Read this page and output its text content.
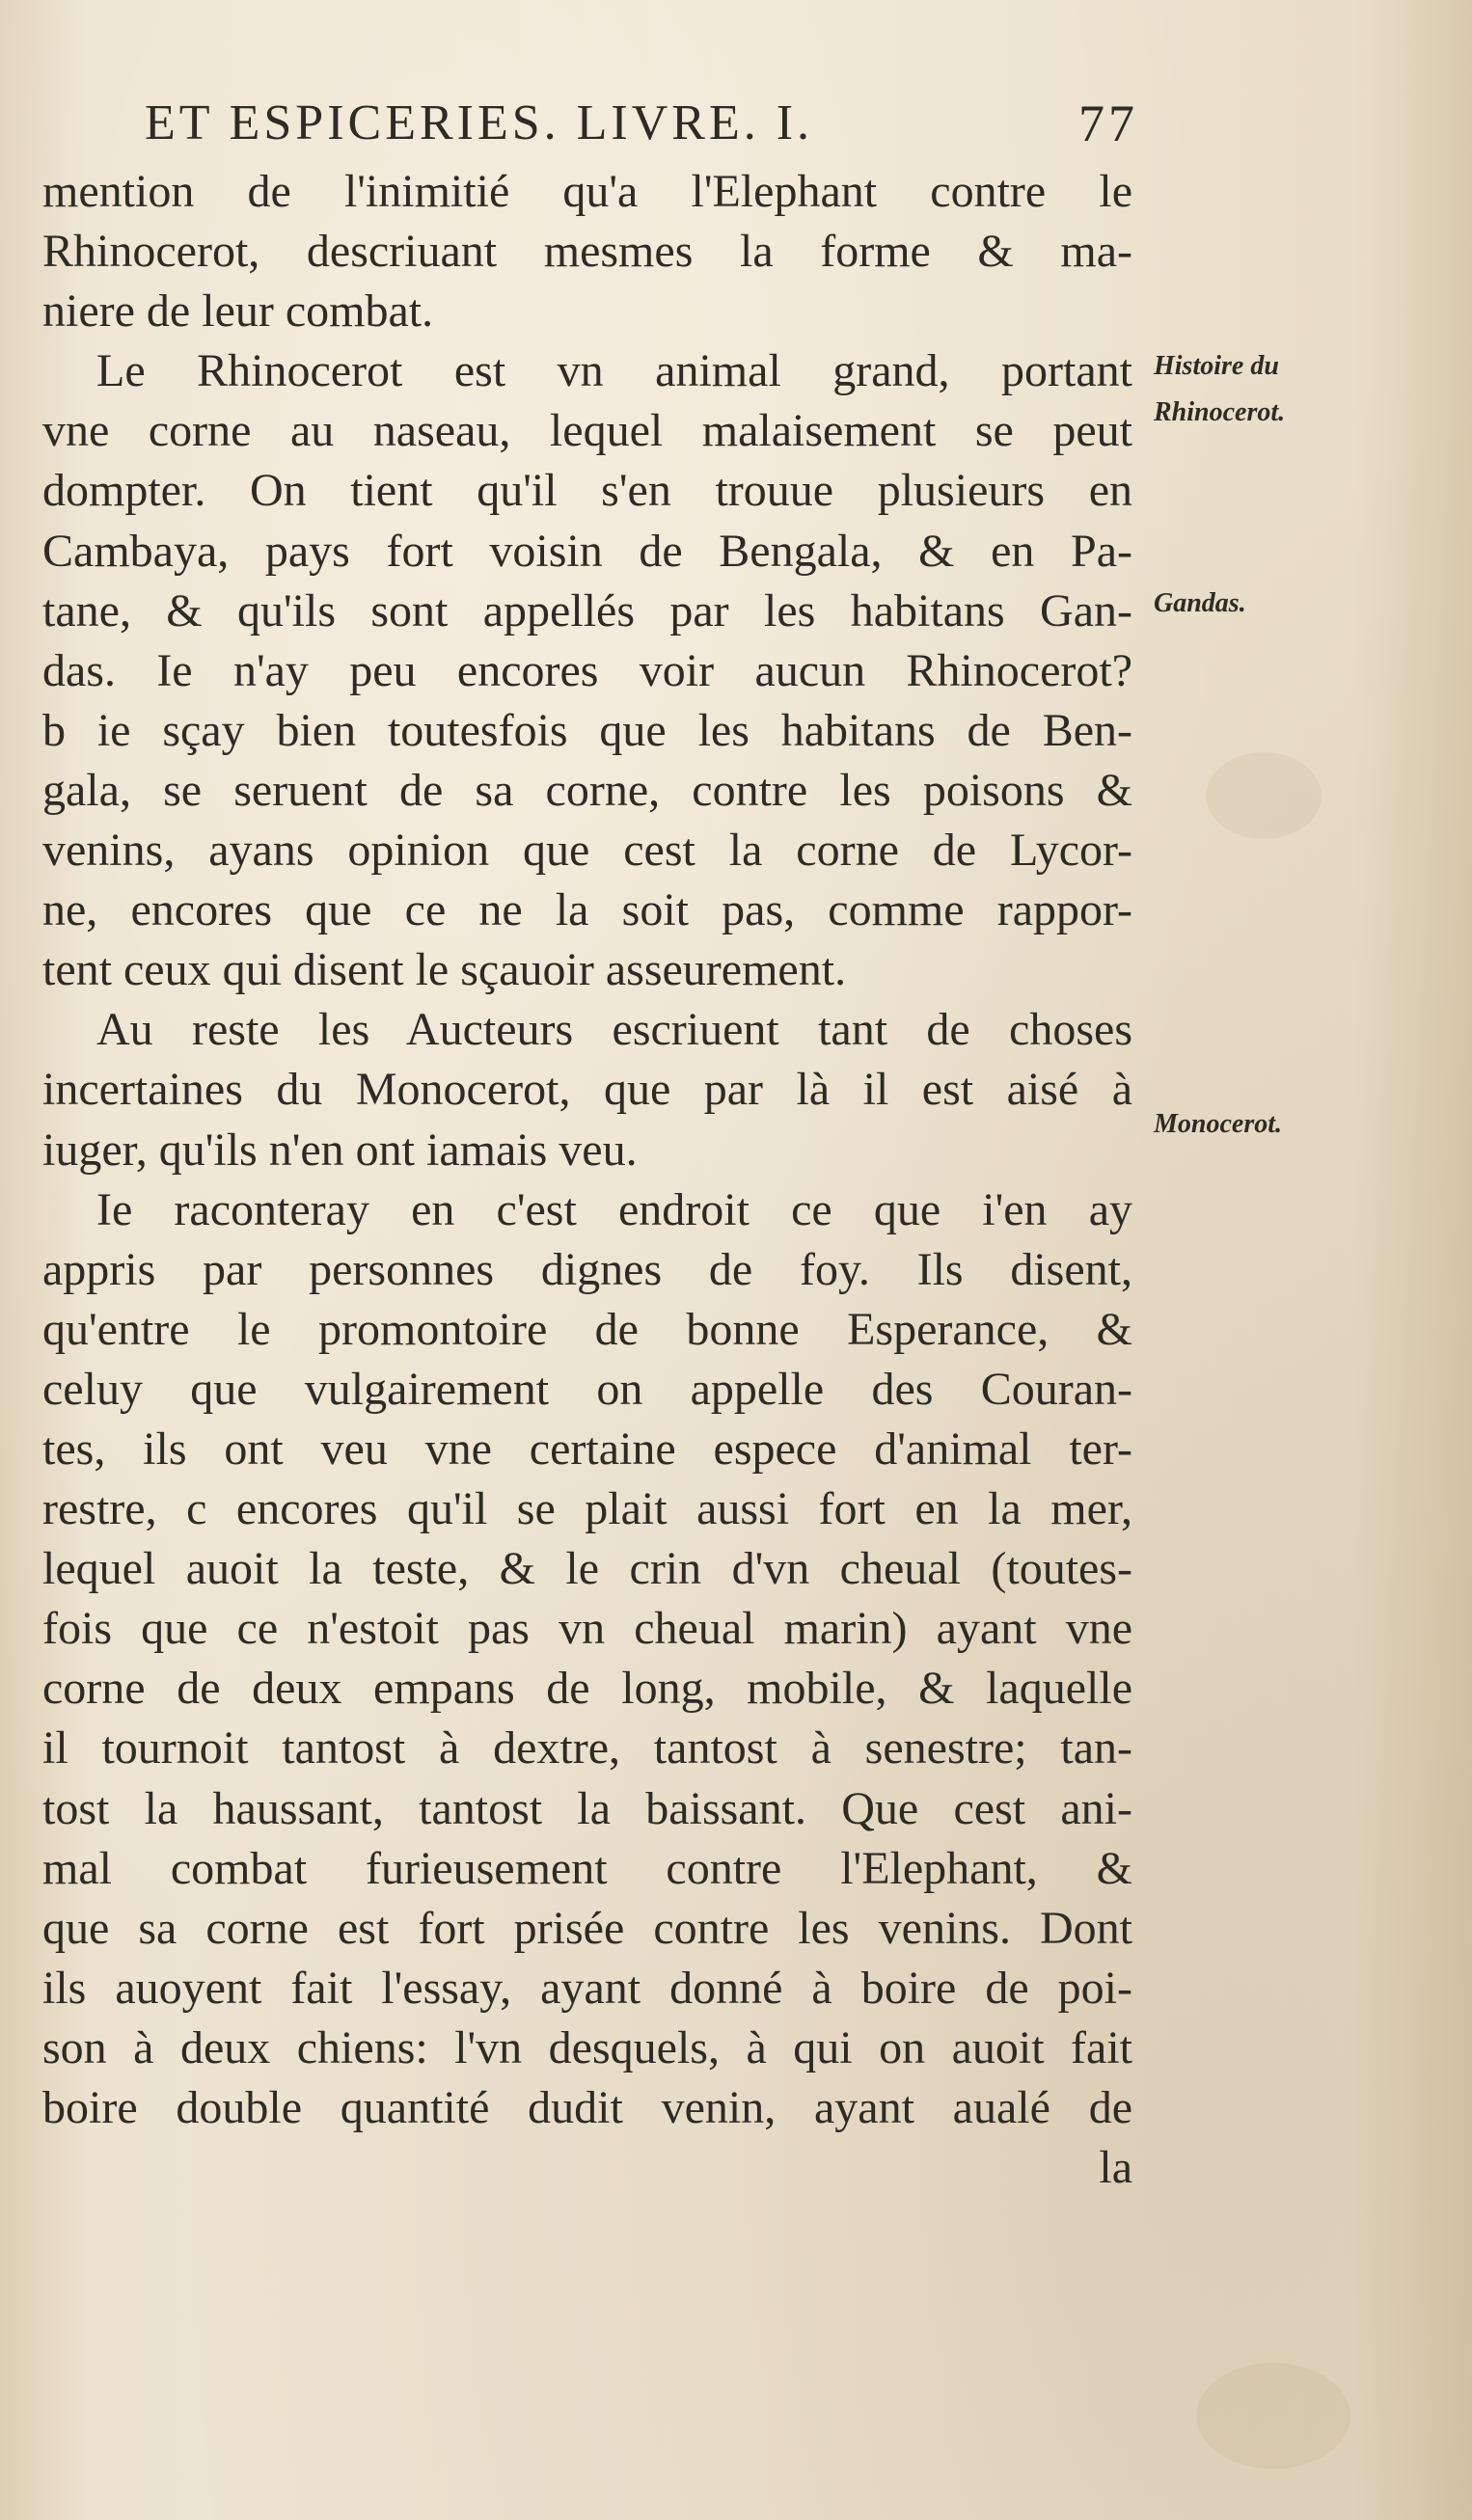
ET ESPICERIES. LIVRE. I.	77
mention de l'inimitié qu'a l'Elephant contre le
Rhinocerot, descriuant mesmes la forme & ma-
niere de leur combat.
Le Rhinocerot est vn animal grand, portant
vne corne au naseau, lequel malaisement se peut
dompter. On tient qu'il s'en trouue plusieurs en
Cambaya, pays fort voisin de Bengala, & en Pa-
tane, & qu'ils sont appellés par les habitans Gan-
das. Ie n'ay peu encores voir aucun Rhinocerot?
b ie sçay bien toutesfois que les habitans de Ben-
gala, se seruent de sa corne, contre les poisons &
venins, ayans opinion que cest la corne de Lycor-
ne, encores que ce ne la soit pas, comme rappor-
tent ceux qui disent le sçauoir asseurement.
Au reste les Aucteurs escriuent tant de choses
incertaines du Monocerot, que par là il est aisé à
iuger, qu'ils n'en ont iamais veu.
Ie raconteray en c'est endroit ce que i'en ay
appris par personnes dignes de foy. Ils disent,
qu'entre le promontoire de bonne Esperance, &
celuy que vulgairement on appelle des Couran-
tes, ils ont veu vne certaine espece d'animal ter-
restre, c encores qu'il se plait aussi fort en la mer,
lequel auoit la teste, & le crin d'vn cheual (toutes-
fois que ce n'estoit pas vn cheual marin) ayant vne
corne de deux empans de long, mobile, & laquelle
il tournoit tantost à dextre, tantost à senestre; tan-
tost la haussant, tantost la baissant. Que cest ani-
mal combat furieusement contre l'Elephant, &
que sa corne est fort prisée contre les venins. Dont
ils auoyent fait l'essay, ayant donné à boire de poi-
son à deux chiens: l'vn desquels, à qui on auoit fait
boire double quantité dudit venin, ayant aualé de
la
Histoire du
Rhinocerot.
Gandas.
Monocerot.
